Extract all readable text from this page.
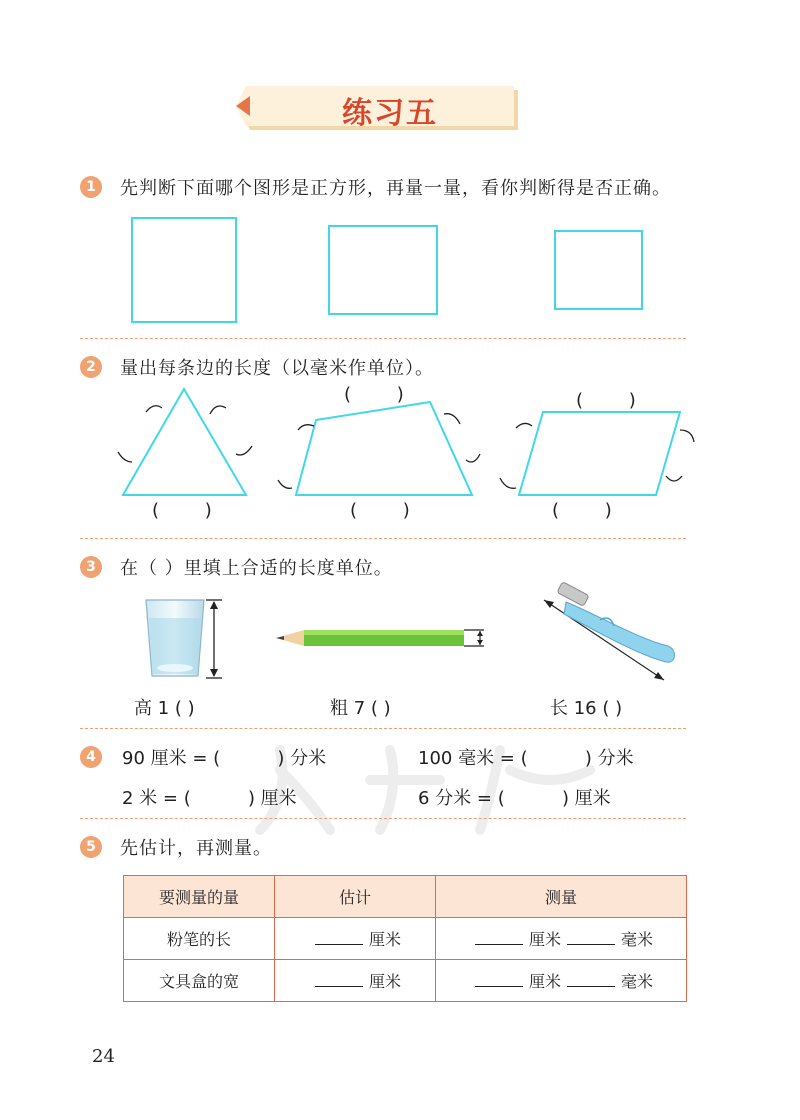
练习五
1	先判断下面哪个图形是正方形，再量一量，看你判断得是否正确。
2	量出每条边的长度（以毫米作单位）。
(        )	(        )
(        )	(        )	(        )
3	在（ ）里填上合适的长度单位。
高 1 ( )	粗 7 ( )	长 16 ( )
4	90 厘米 = (          ) 分米	100 毫米 = (          ) 分米
2 米 = (          ) 厘米	6 分米 = (          ) 厘米
5	先估计，再测量。
要测量的量	估计	测量
粉笔的长	厘米	厘米 毫米
文具盒的宽	厘米	厘米 毫米
24
